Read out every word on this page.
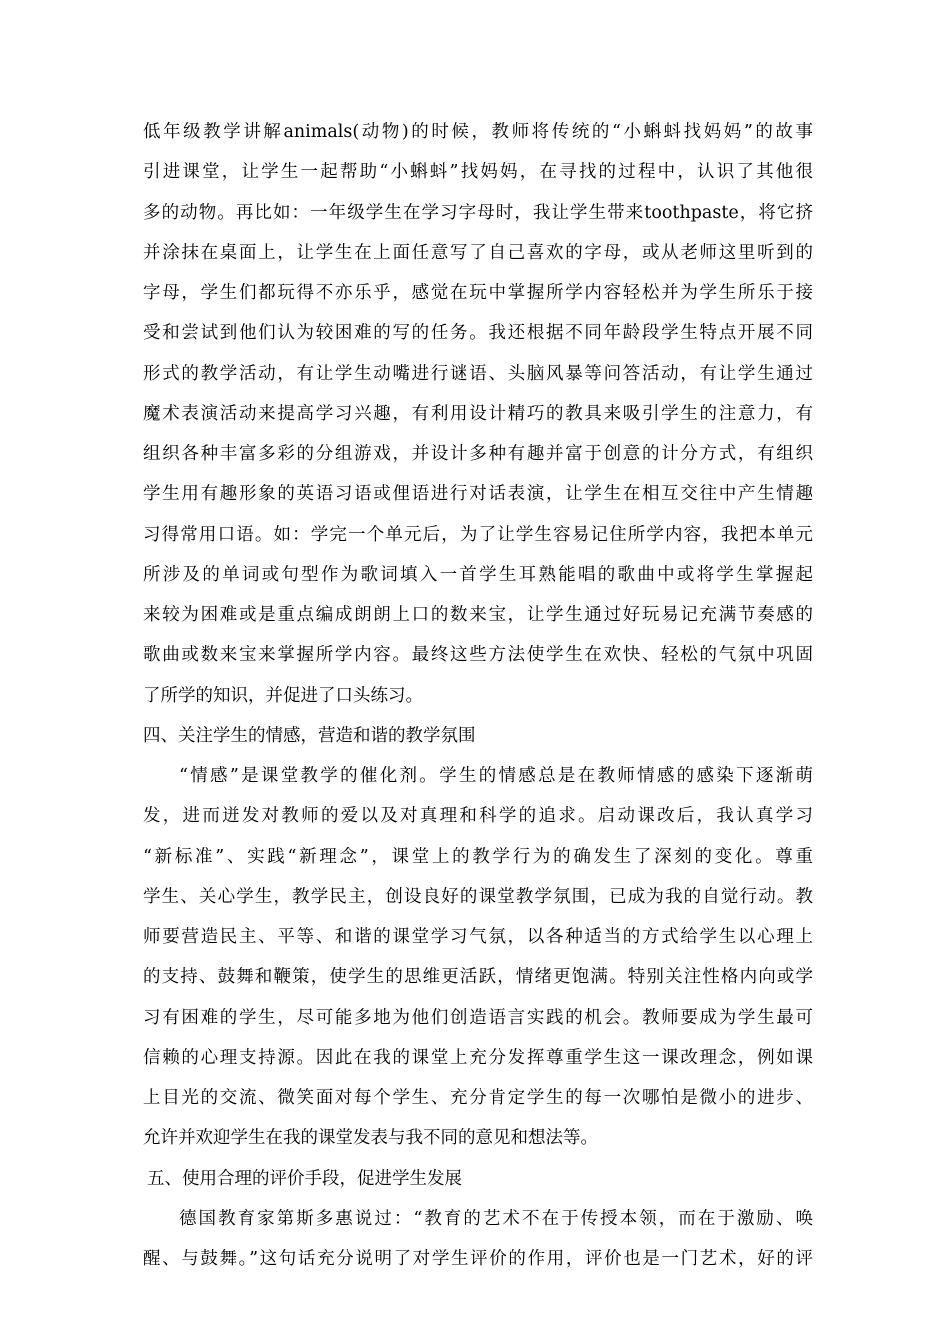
低年级教学讲解animals(动物)的时候，教师将传统的“小蝌蚪找妈妈”的故事
引进课堂，让学生一起帮助“小蝌蚪”找妈妈，在寻找的过程中，认识了其他很
多的动物。再比如：一年级学生在学习字母时，我让学生带来toothpaste，将它挤
并涂抹在桌面上，让学生在上面任意写了自己喜欢的字母，或从老师这里听到的
字母，学生们都玩得不亦乐乎，感觉在玩中掌握所学内容轻松并为学生所乐于接
受和尝试到他们认为较困难的写的任务。我还根据不同年龄段学生特点开展不同
形式的教学活动，有让学生动嘴进行谜语、头脑风暴等问答活动，有让学生通过
魔术表演活动来提高学习兴趣，有利用设计精巧的教具来吸引学生的注意力，有
组织各种丰富多彩的分组游戏，并设计多种有趣并富于创意的计分方式，有组织
学生用有趣形象的英语习语或俚语进行对话表演，让学生在相互交往中产生情趣
习得常用口语。如：学完一个单元后，为了让学生容易记住所学内容，我把本单元
所涉及的单词或句型作为歌词填入一首学生耳熟能唱的歌曲中或将学生掌握起
来较为困难或是重点编成朗朗上口的数来宝，让学生通过好玩易记充满节奏感的
歌曲或数来宝来掌握所学内容。最终这些方法使学生在欢快、轻松的气氛中巩固
了所学的知识，并促进了口头练习。
四、关注学生的情感，营造和谐的教学氛围
“情感”是课堂教学的催化剂。学生的情感总是在教师情感的感染下逐渐萌
发，进而迸发对教师的爱以及对真理和科学的追求。启动课改后，我认真学习
“新标准”、实践“新理念”，课堂上的教学行为的确发生了深刻的变化。尊重
学生、关心学生，教学民主，创设良好的课堂教学氛围，已成为我的自觉行动。教
师要营造民主、平等、和谐的课堂学习气氛，以各种适当的方式给学生以心理上
的支持、鼓舞和鞭策，使学生的思维更活跃，情绪更饱满。特别关注性格内向或学
习有困难的学生，尽可能多地为他们创造语言实践的机会。教师要成为学生最可
信赖的心理支持源。因此在我的课堂上充分发挥尊重学生这一课改理念，例如课
上目光的交流、微笑面对每个学生、充分肯定学生的每一次哪怕是微小的进步、
允许并欢迎学生在我的课堂发表与我不同的意见和想法等。
五、使用合理的评价手段，促进学生发展
德国教育家第斯多惠说过：“教育的艺术不在于传授本领，而在于激励、唤
醒、与鼓舞。”这句话充分说明了对学生评价的作用，评价也是一门艺术，好的评
